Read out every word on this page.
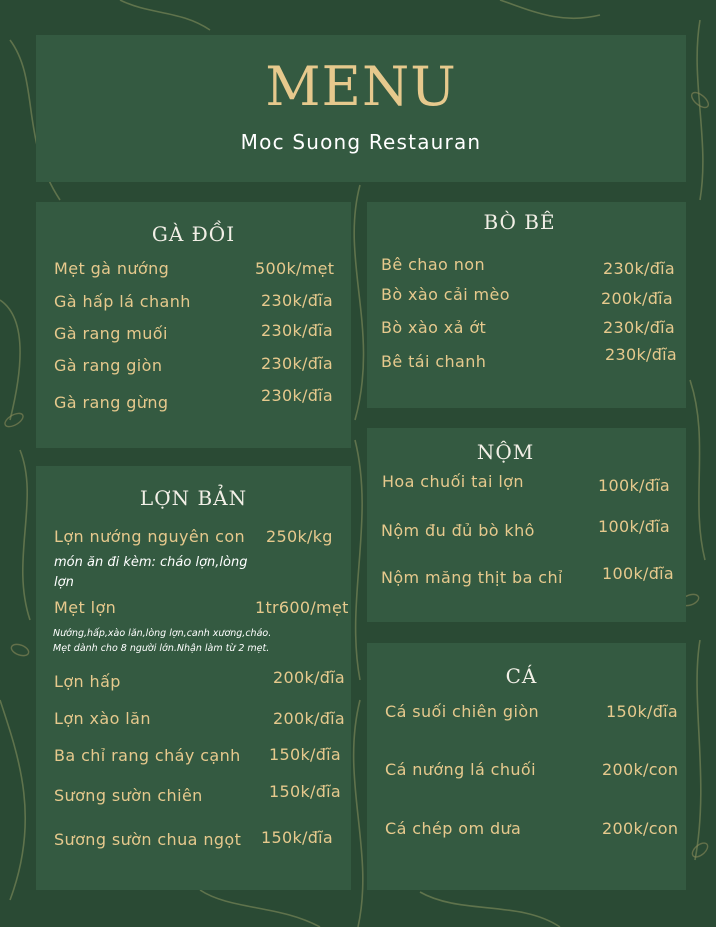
MENU
Moc Suong Restauran
GÀ ĐỒI
Mẹt gà nướng	500k/mẹt
Gà hấp lá chanh	230k/đĩa
Gà rang muối	230k/đĩa
Gà rang giòn	230k/đĩa
Gà rang gừng	230k/đĩa
BÒ BÊ
Bê chao non	230k/đĩa
Bò xào cải mèo	200k/đĩa
Bò xào xả ớt	230k/đĩa
Bê tái chanh	230k/đĩa
NỘM
Hoa chuối tai lợn	100k/đĩa
Nộm đu đủ bò khô	100k/đĩa
Nộm măng thịt ba chỉ 100k/đĩa
LỢN BẢN
Lợn nướng nguyên con 250k/kg
món ăn đi kèm: cháo lợn,lòng
lợn
Mẹt lợn	1tr600/mẹt
Nướng,hấp,xào lăn,lòng lợn,canh xương,cháo.
Mẹt dành cho 8 người lớn.Nhận làm từ 2 mẹt.
Lợn hấp	200k/đĩa
Lợn xào lăn	200k/đĩa
Ba chỉ rang cháy cạnh 150k/đĩa
Sương sườn chiên	150k/đĩa
Sương sườn chua ngọt 150k/đĩa
CÁ
Cá suối chiên giòn	150k/đĩa
Cá nướng lá chuối	200k/con
Cá chép om dưa	200k/con
